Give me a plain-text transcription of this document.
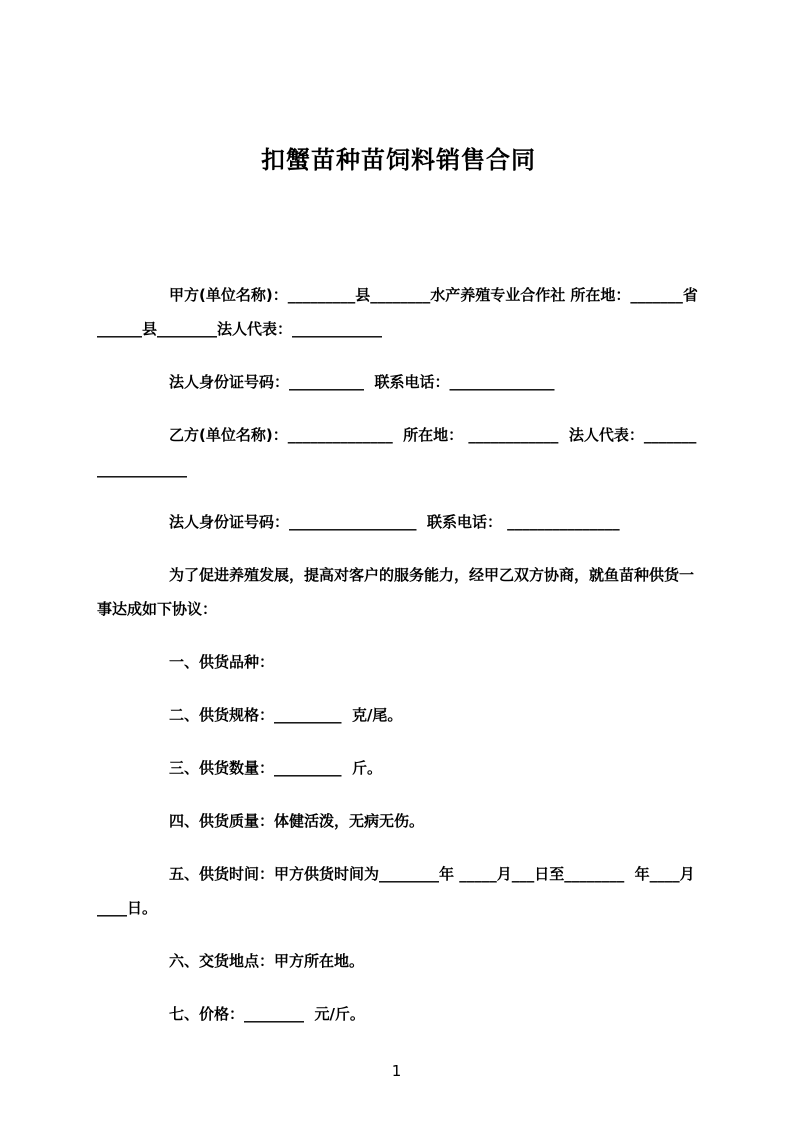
扣蟹苗种苗饲料销售合同

甲方(单位名称)：_________县________水产养殖专业合作社 所在地：_______省______县________法人代表：____________

法人身份证号码：__________  联系电话：______________

乙方(单位名称)：______________  所在地： ____________  法人代表：___________________

法人身份证号码：_________________  联系电话： _______________

为了促进养殖发展，提高对客户的服务能力，经甲乙双方协商，就鱼苗种供货一事达成如下协议：

一、供货品种：

二、供货规格：_________  克/尾。

三、供货数量：_________  斤。

四、供货质量：体健活泼，无病无伤。

五、供货时间：甲方供货时间为________年 _____月___日至________  年____月____日。

六、交货地点：甲方所在地。

七、价格：________  元/斤。

1
